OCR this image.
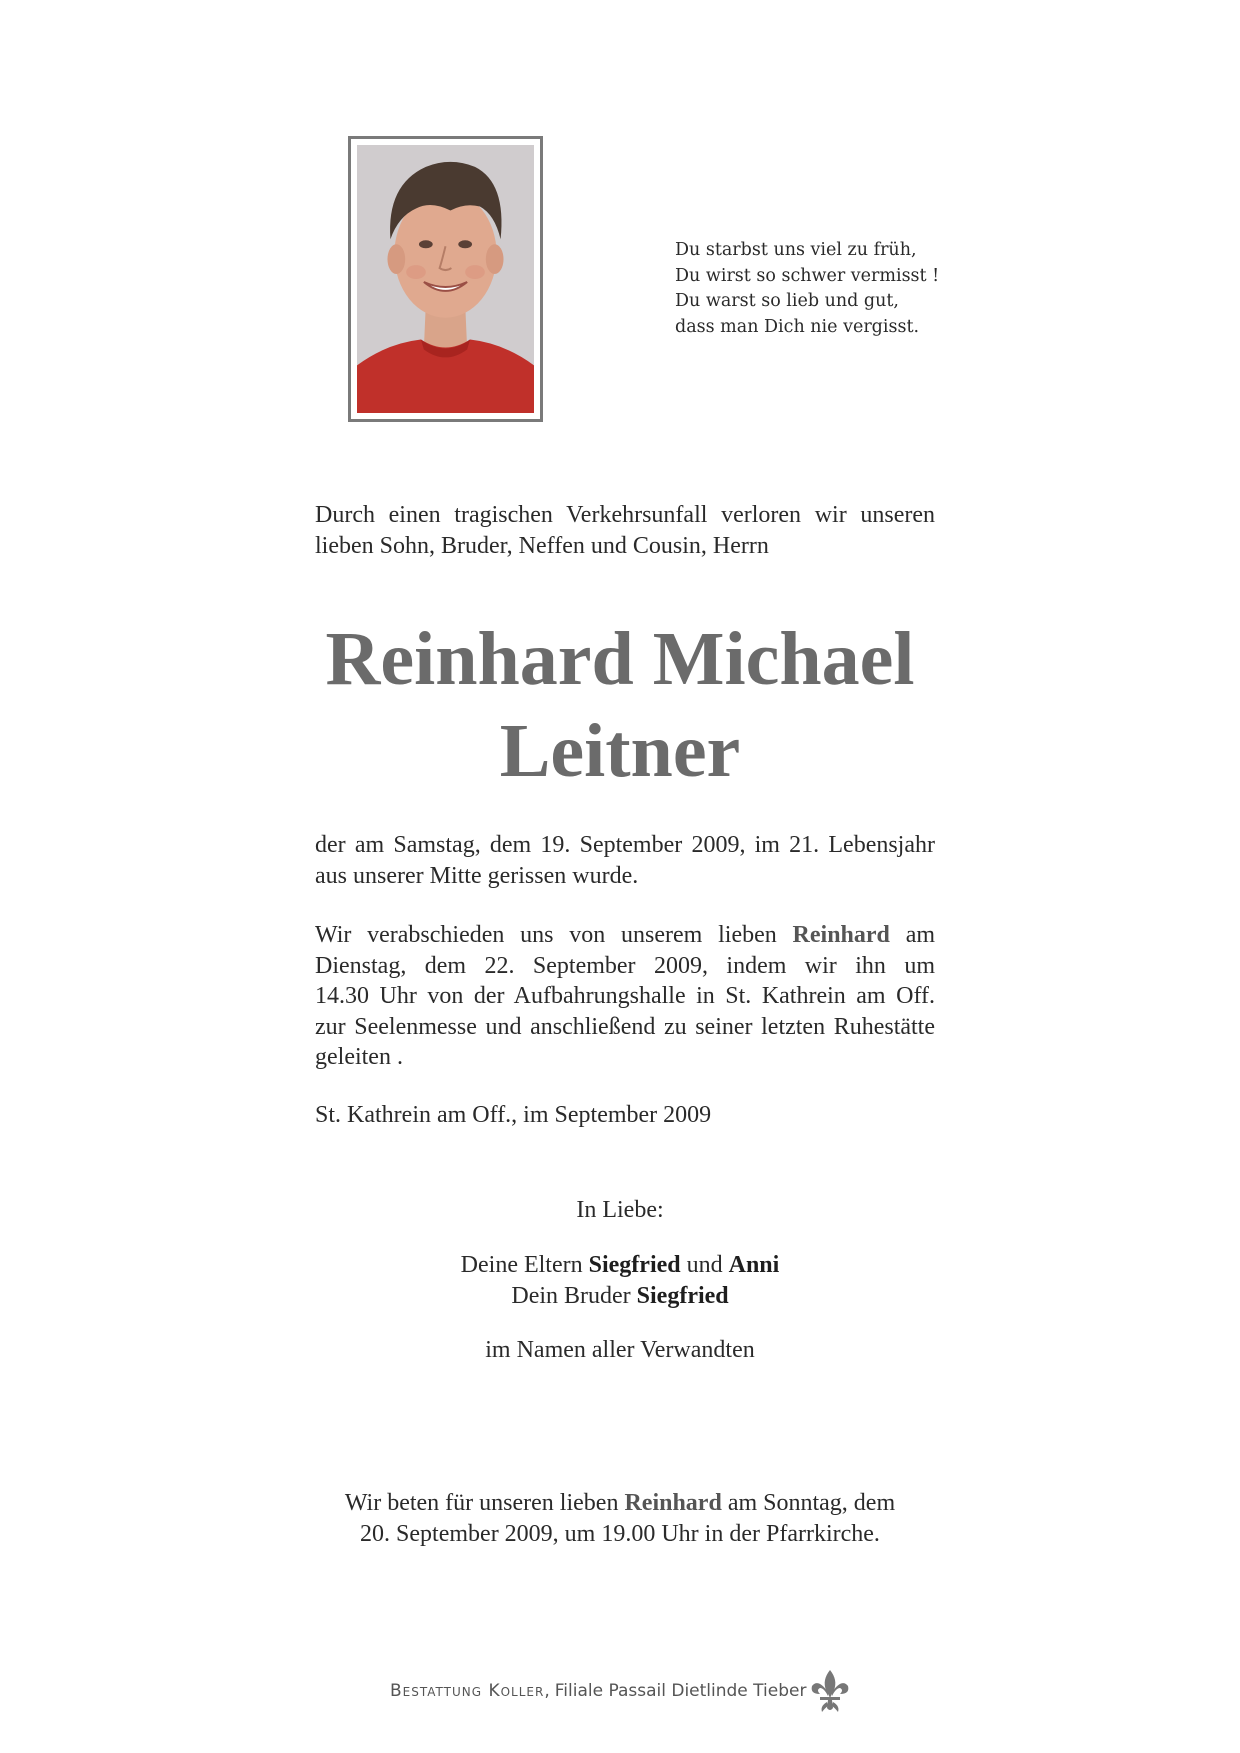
Du starbst uns viel zu früh,
Du wirst so schwer vermisst !
Du warst so lieb und gut,
dass man Dich nie vergisst.
Durch einen tragischen Verkehrsunfall verloren wir unseren
lieben Sohn, Bruder, Neffen und Cousin, Herrn
Reinhard Michael
Leitner
der am Samstag, dem 19. September 2009, im 21. Lebensjahr
aus unserer Mitte gerissen wurde.
Wir verabschieden uns von unserem lieben Reinhard am
Dienstag, dem 22. September 2009, indem wir ihn um
14.30 Uhr von der Aufbahrungshalle in St. Kathrein am Off.
zur Seelenmesse und anschließend zu seiner letzten Ruhestätte
geleiten .
St. Kathrein am Off., im September 2009
In Liebe:
Deine Eltern Siegfried und Anni
Dein Bruder Siegfried
im Namen aller Verwandten
Wir beten für unseren lieben Reinhard am Sonntag, dem
20. September 2009, um 19.00 Uhr in der Pfarrkirche.
Bestattung Koller, Filiale Passail Dietlinde Tieber
